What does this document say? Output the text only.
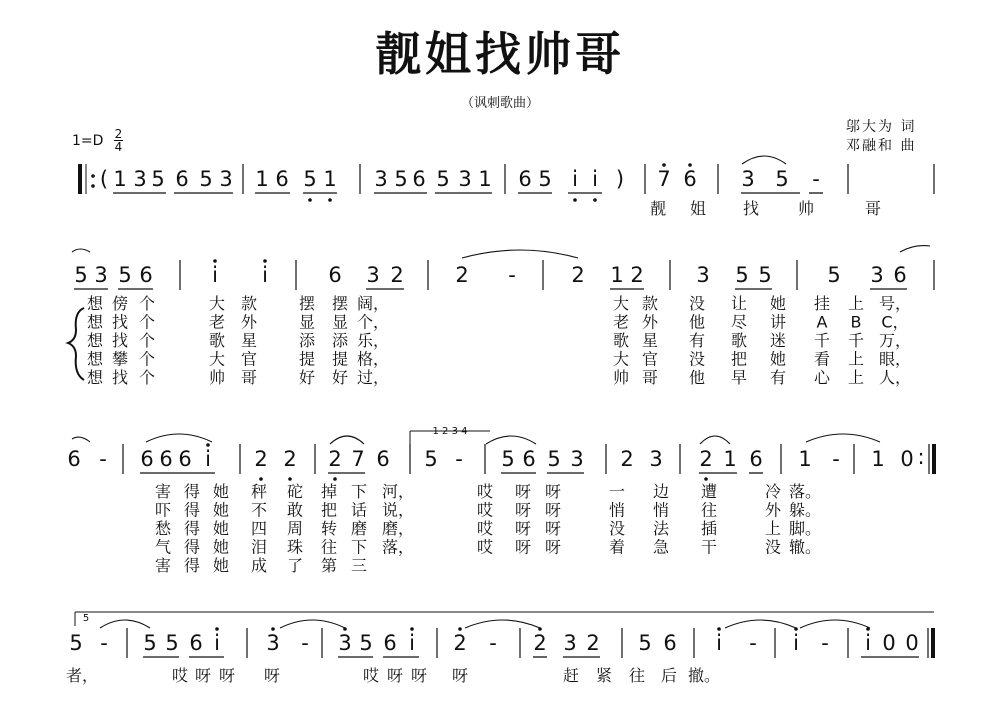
靓姐找帅哥
（讽刺歌曲）
邬大为 词
邓融和 曲
1=D 2
4
( 1 3 5 6 5 3 1 6 5 1 3 5 6 5 3 1 6 5 i i ) 7 6 3 5 -
靓 姐 找 帅	哥
5 3 5 6	i i	6 3 2 2 -	2 1 2	3 5 5	5 3 6
想 傍 个	大 款	摆 摆 阔，	大 款 没 让 她 挂 上 号，
想 找 个	老 外	显 显 个，	老 外 他 尽 讲 A B C，
想 找 个	歌 星	添 添 乐，	歌 星 有 歌 迷 千 千 万，
想 攀 个	大 官	提 提 格，	大 官 没 把 她 看 上 眼，
想 找 个	帅 哥	好 好 过，	帅 哥 他 早 有 心 上 人，
6 - 6 6 6 i 2 2 2 7 6
1 2 3 4
5 - 5 6 5 3 2 3 2 1 6 1 - 1 0 :
害 得 她 秤 砣 掉 下 河，	哎 呀 呀	一 边 遭	冷 落。
吓 得 她 不 敢 把 话 说，	哎 呀 呀	悄 悄 往	外 躲。
愁 得 她 四 周 转 磨 磨，	哎 呀 呀	没 法 插	上 脚。
气 得 她 泪 珠 往 下 落，	哎 呀 呀	着 急 干	没 辙。
害 得 她 成 了 第 三
5
5 - 5 5 6 i 3 - 3 5 6 i 2 - 2 3 2 5 6 i - i - i 0 0
者，	哎 呀 呀 呀	哎 呀 呀 呀	赶 紧 往 后 撤。
